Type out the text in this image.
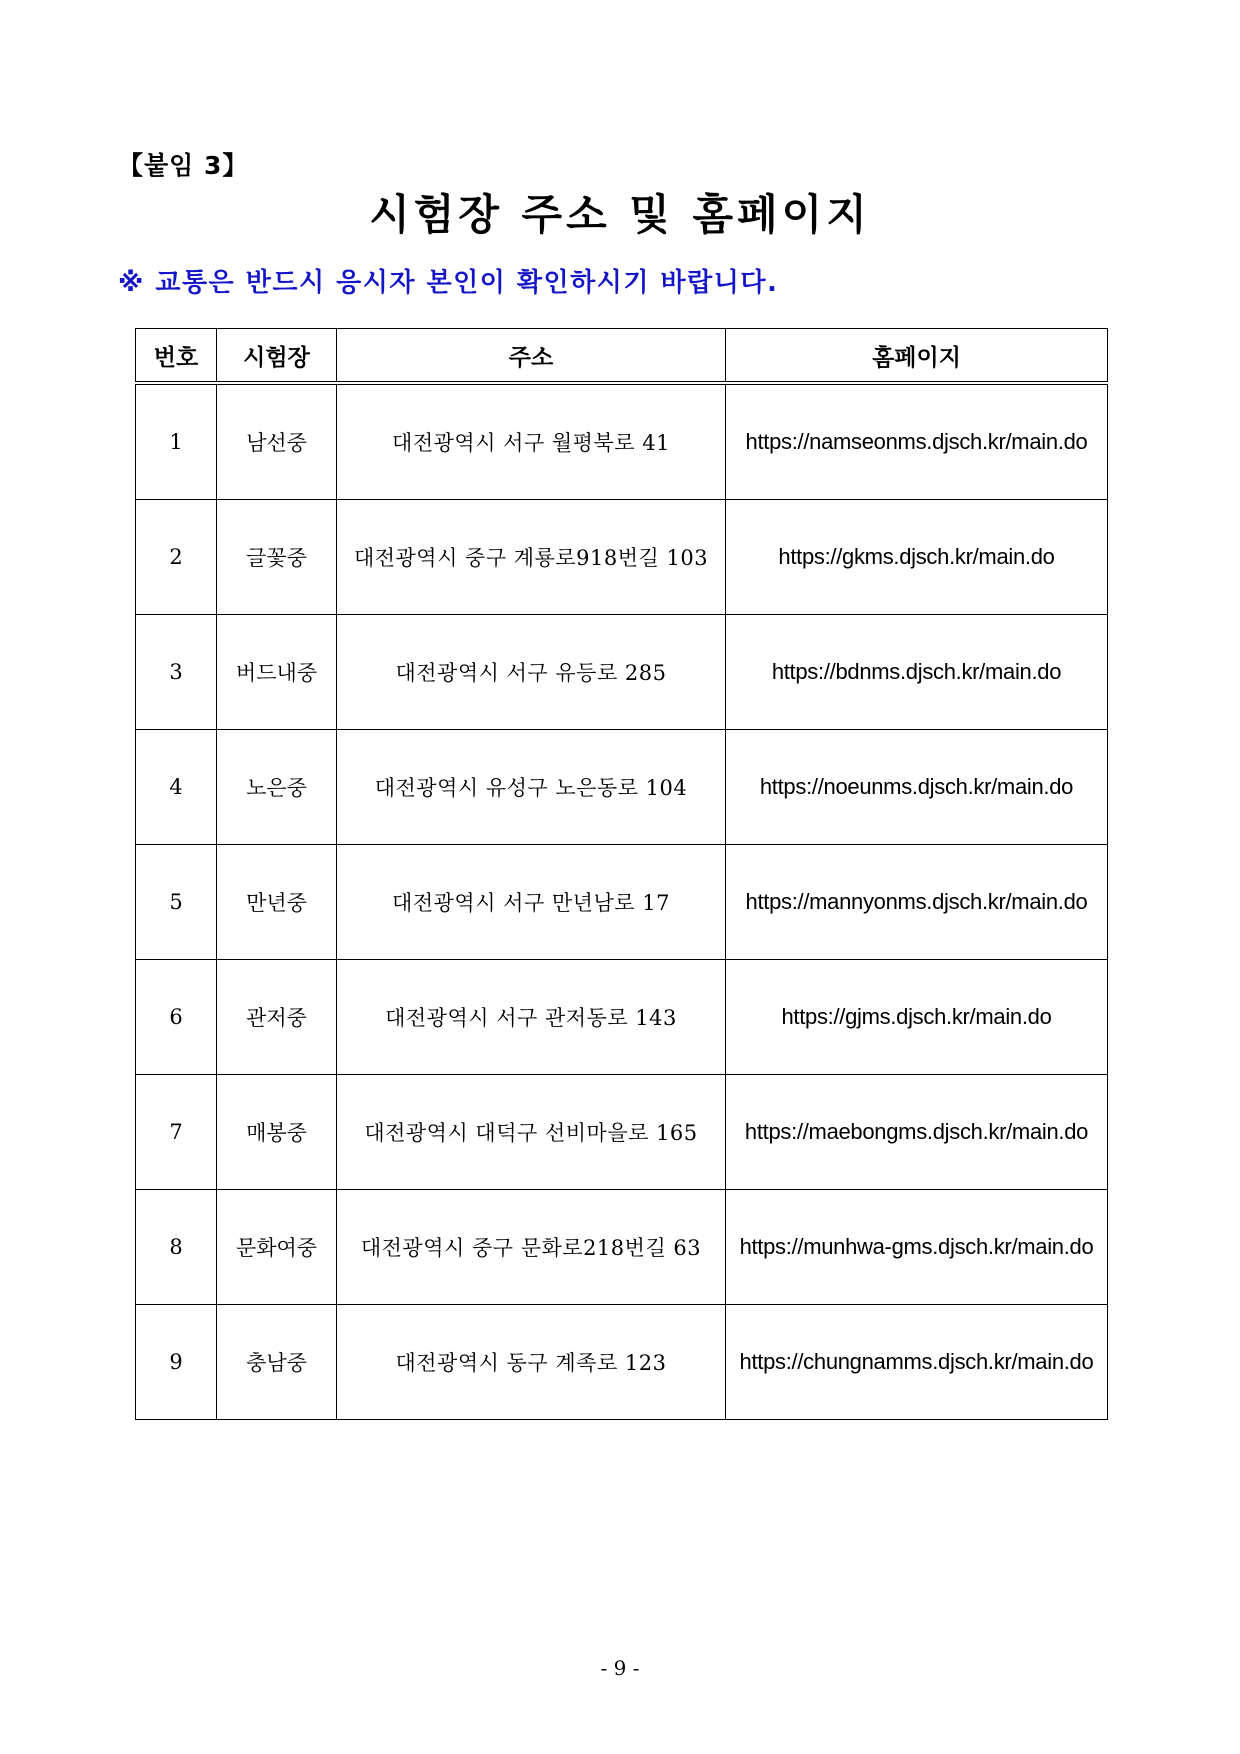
【붙임 3】
시험장 주소 및 홈페이지
※ 교통은 반드시 응시자 본인이 확인하시기 바랍니다.
번호	시험장	주소	홈페이지
1	남선중	대전광역시 서구 월평북로 41	https://namseonms.djsch.kr/main.do
2	글꽃중	대전광역시 중구 계룡로918번길 103	https://gkms.djsch.kr/main.do
3	버드내중	대전광역시 서구 유등로 285	https://bdnms.djsch.kr/main.do
4	노은중	대전광역시 유성구 노은동로 104	https://noeunms.djsch.kr/main.do
5	만년중	대전광역시 서구 만년남로 17	https://mannyonms.djsch.kr/main.do
6	관저중	대전광역시 서구 관저동로 143	https://gjms.djsch.kr/main.do
7	매봉중	대전광역시 대덕구 선비마을로 165	https://maebongms.djsch.kr/main.do
8	문화여중	대전광역시 중구 문화로218번길 63	https://munhwa-gms.djsch.kr/main.do
9	충남중	대전광역시 동구 계족로 123	https://chungnamms.djsch.kr/main.do
- 9 -
